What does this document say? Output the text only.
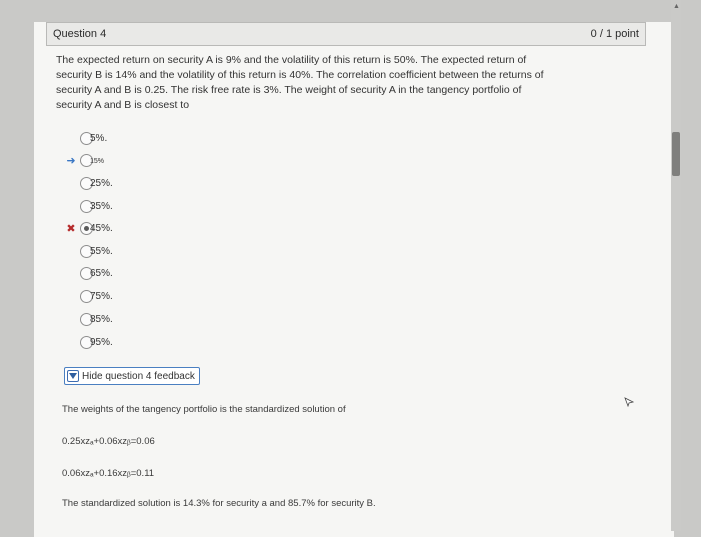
Question 4	0 / 1 point
The expected return on security A is 9% and the volatility of this return is 50%. The expected return of
security B is 14% and the volatility of this return is 40%. The correlation coefficient between the returns of
security A and B is 0.25. The risk free rate is 3%. The weight of security A in the tangency portfolio of
security A and B is closest to
5%.
➜	15%
25%.
35%.
✖ 45%.
55%.
65%.
75%.
85%.
95%.
Hide question 4 feedback
The weights of the tangency portfolio is the standardized solution of
0.25xzₐ+0.06xzᵦ=0.06
0.06xzₐ+0.16xzᵦ=0.11
The standardized solution is 14.3% for security a and 85.7% for security B.
▲
